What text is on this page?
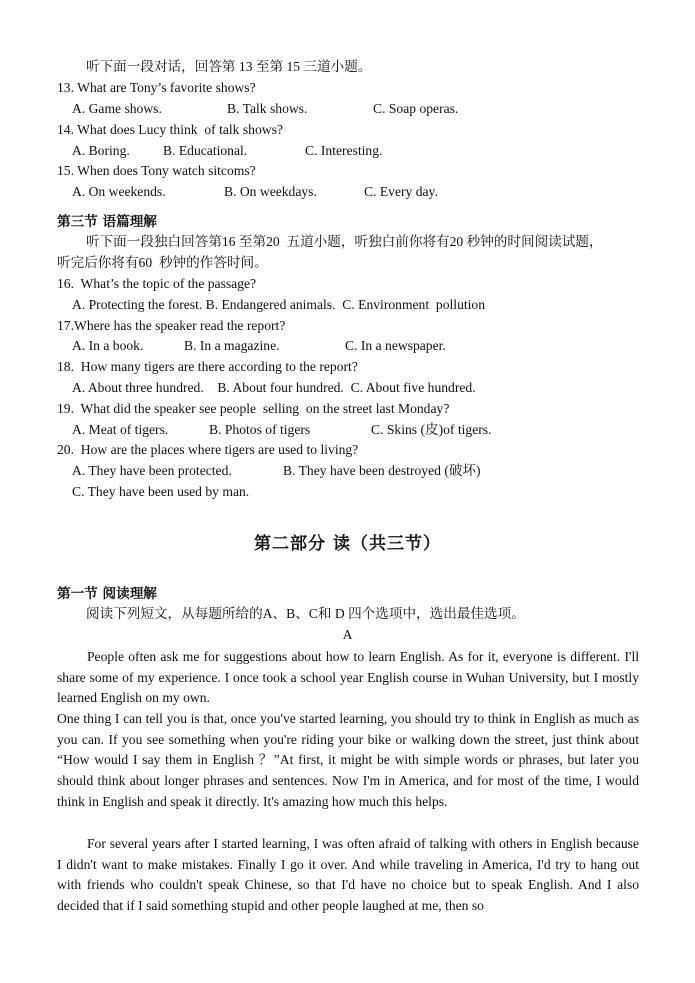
听下面一段对话，回答第 13 至第 15 三道小题。
13. What are Tony’s favorite shows?
A. Game shows.	B. Talk shows.	C. Soap operas.
14. What does Lucy think  of talk shows?
A. Boring. B. Educational.	C. Interesting.
15. When does Tony watch sitcoms?
A. On weekends.	B. On weekdays.	C. Every day.
第三节 语篇理解
听下面一段独白回答第16 至第20  五道小题，听独白前你将有20 秒钟的时间阅读试题，
听完后你将有60  秒钟的作答时间。
16.  What’s the topic of the passage?
A. Protecting the forest. B. Endangered animals.  C. Environment  pollution
17.Where has the speaker read the report?
A. In a book.	B. In a magazine.	C. In a newspaper.
18.  How many tigers are there according to the report?
A. About three hundred.    B. About four hundred.  C. About five hundred.
19.  What did the speaker see people  selling  on the street last Monday?
A. Meat of tigers.	B. Photos of tigers	C. Skins (皮)of tigers.
20.  How are the places where tigers are used to living?
A. They have been protected.	B. They have been destroyed (破坏)
C. They have been used by man.
第二部分 读（共三节）
第一节 阅读理解
阅读下列短文，从每题所给的A、B、C和 D 四个选项中，选出最佳选项。
A
People often ask me for suggestions about how to learn English. As for it, everyone is different. I'll share some of my experience. I once took a school year English course in Wuhan University, but I mostly learned English on my own.
One thing I can tell you is that, once you've started learning, you should try to think in English as much as you can. If you see something when you're riding your bike or walking down the street, just think about “How would I say them in English ？”At first, it might be with simple words or phrases, but later you should think about longer phrases and sentences. Now I'm in America, and for most of the time, I would think in English and speak it directly. It's amazing how much this helps.
For several years after I started learning, I was often afraid of talking with others in English because I didn't want to make mistakes. Finally I go it over. And while traveling in America, I'd try to hang out with friends who couldn't speak Chinese, so that I'd have no choice but to speak English. And I also decided that if I said something stupid and other people laughed at me, then so
